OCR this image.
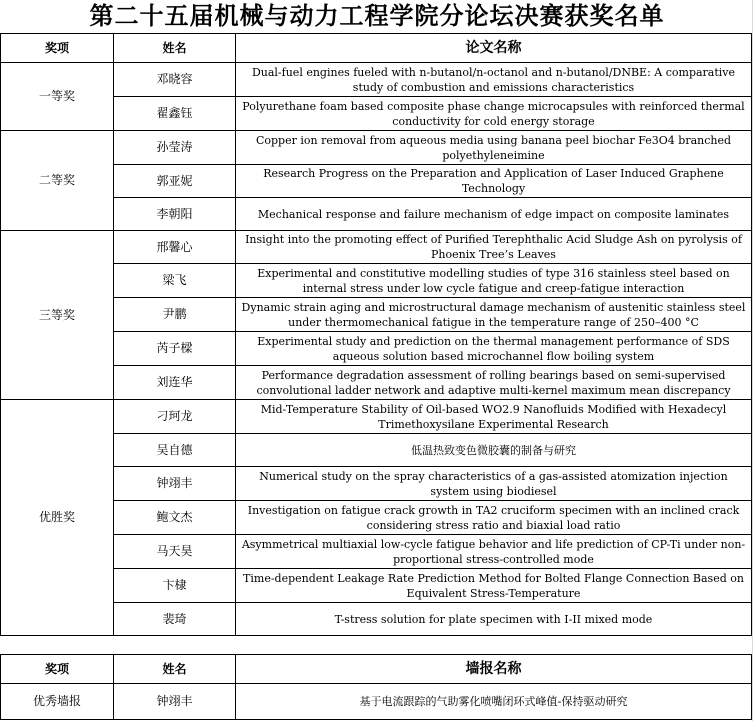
第二十五届机械与动力工程学院分论坛决赛获奖名单
奖项	姓名	论文名称
一等奖	邓晓容	Dual-fuel engines fueled with n-butanol/n-octanol and n-butanol/DNBE: A comparative study of combustion and emissions characteristics
	翟鑫钰	Polyurethane foam based composite phase change microcapsules with reinforced thermal conductivity for cold energy storage
二等奖	孙莹涛	Copper ion removal from aqueous media using banana peel biochar Fe3O4 branched polyethyleneimine
	郭亚妮	Research Progress on the Preparation and Application of Laser Induced Graphene Technology
	李朝阳	Mechanical response and failure mechanism of edge impact on composite laminates
三等奖	邢馨心	Insight into the promoting effect of Purified Terephthalic Acid Sludge Ash on pyrolysis of Phoenix Tree’s Leaves
	梁飞	Experimental and constitutive modelling studies of type 316 stainless steel based on internal stress under low cycle fatigue and creep-fatigue interaction
	尹鹏	Dynamic strain aging and microstructural damage mechanism of austenitic stainless steel under thermomechanical fatigue in the temperature range of 250–400 °C
	芮子樑	Experimental study and prediction on the thermal management performance of SDS aqueous solution based microchannel flow boiling system
	刘连华	Performance degradation assessment of rolling bearings based on semi-supervised convolutional ladder network and adaptive multi-kernel maximum mean discrepancy
优胜奖	刁珂龙	Mid-Temperature Stability of Oil-based WO2.9 Nanofluids Modified with Hexadecyl Trimethoxysilane Experimental Research
	吴自德	低温热致变色微胶囊的制备与研究
	钟翊丰	Numerical study on the spray characteristics of a gas-assisted atomization injection system using biodiesel
	鲍文杰	Investigation on fatigue crack growth in TA2 cruciform specimen with an inclined crack considering stress ratio and biaxial load ratio
	马天昊	Asymmetrical multiaxial low-cycle fatigue behavior and life prediction of CP-Ti under non-proportional stress-controlled mode
	卞棣	Time-dependent Leakage Rate Prediction Method for Bolted Flange Connection Based on Equivalent Stress-Temperature
	裴琦	T-stress solution for plate specimen with I-II mixed mode
奖项	姓名	墙报名称
优秀墙报	钟翊丰	基于电流跟踪的气助雾化喷嘴闭环式峰值-保持驱动研究
